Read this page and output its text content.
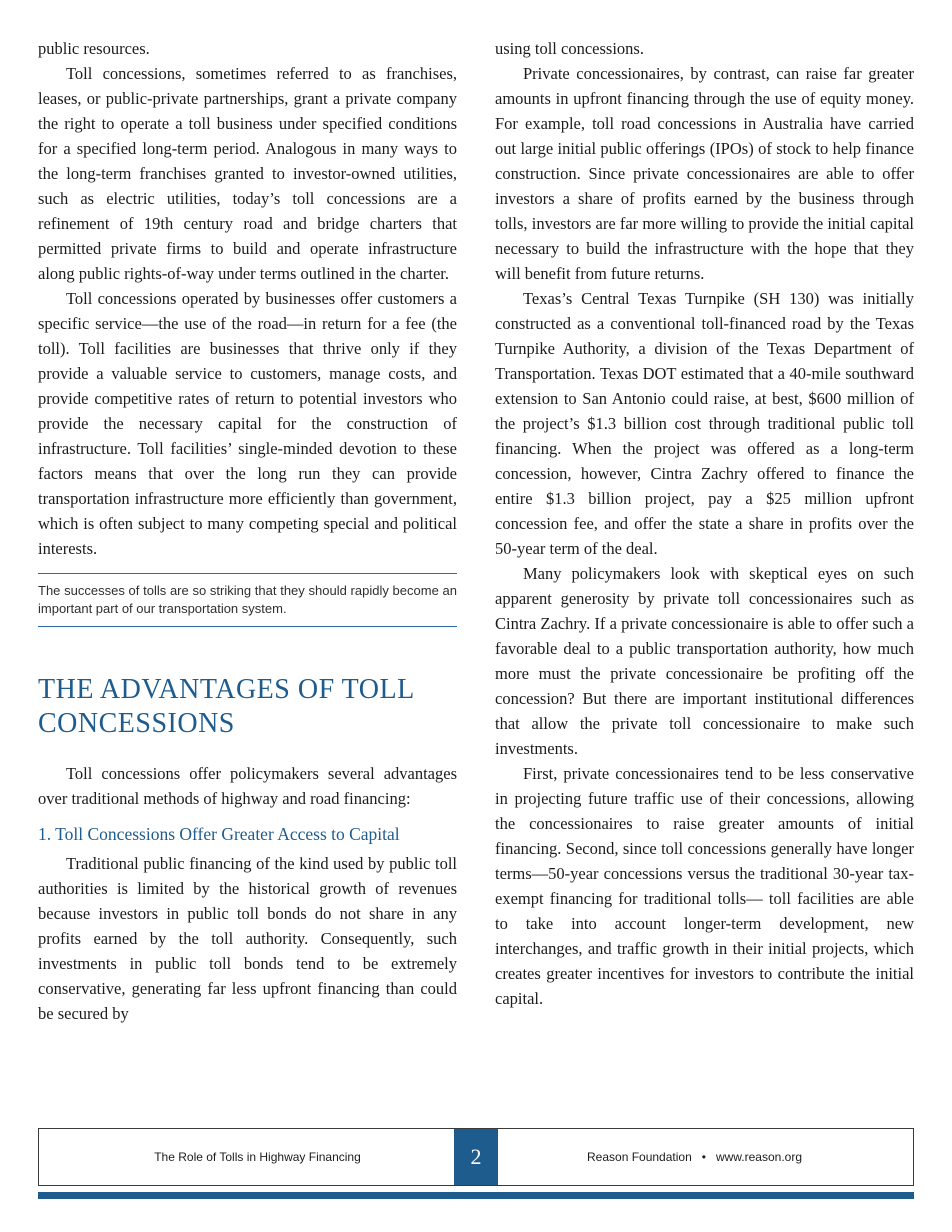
public resources.

Toll concessions, sometimes referred to as franchises, leases, or public-private partnerships, grant a private company the right to operate a toll business under specified conditions for a specified long-term period. Analogous in many ways to the long-term franchises granted to investor-owned utilities, such as electric utilities, today’s toll concessions are a refinement of 19th century road and bridge charters that permitted private firms to build and operate infrastructure along public rights-of-way under terms outlined in the charter.

Toll concessions operated by businesses offer customers a specific service—the use of the road—in return for a fee (the toll). Toll facilities are businesses that thrive only if they provide a valuable service to customers, manage costs, and provide competitive rates of return to potential investors who provide the necessary capital for the construction of infrastructure. Toll facilities’ single-minded devotion to these factors means that over the long run they can provide transportation infrastructure more efficiently than government, which is often subject to many competing special and political interests.

The successes of tolls are so striking that they should rapidly become an important part of our transportation system.
THE ADVANTAGES OF TOLL CONCESSIONS

Toll concessions offer policymakers several advantages over traditional methods of highway and road financing:

1. Toll Concessions Offer Greater Access to Capital

Traditional public financing of the kind used by public toll authorities is limited by the historical growth of revenues because investors in public toll bonds do not share in any profits earned by the toll authority. Consequently, such investments in public toll bonds tend to be extremely conservative, generating far less upfront financing than could be secured by

using toll concessions.

Private concessionaires, by contrast, can raise far greater amounts in upfront financing through the use of equity money. For example, toll road concessions in Australia have carried out large initial public offerings (IPOs) of stock to help finance construction. Since private concessionaires are able to offer investors a share of profits earned by the business through tolls, investors are far more willing to provide the initial capital necessary to build the infrastructure with the hope that they will benefit from future returns.

Texas’s Central Texas Turnpike (SH 130) was initially constructed as a conventional toll-financed road by the Texas Turnpike Authority, a division of the Texas Department of Transportation. Texas DOT estimated that a 40-mile southward extension to San Antonio could raise, at best, $600 million of the project’s $1.3 billion cost through traditional public toll financing. When the project was offered as a long-term concession, however, Cintra Zachry offered to finance the entire $1.3 billion project, pay a $25 million upfront concession fee, and offer the state a share in profits over the 50-year term of the deal.

Many policymakers look with skeptical eyes on such apparent generosity by private toll concessionaires such as Cintra Zachry. If a private concessionaire is able to offer such a favorable deal to a public transportation authority, how much more must the private concessionaire be profiting off the concession? But there are important institutional differences that allow the private toll concessionaire to make such investments.

First, private concessionaires tend to be less conservative in projecting future traffic use of their concessions, allowing the concessionaires to raise greater amounts of initial financing. Second, since toll concessions generally have longer terms—50-year concessions versus the traditional 30-year tax-exempt financing for traditional tolls— toll facilities are able to take into account longer-term development, new interchanges, and traffic growth in their initial projects, which creates greater incentives for investors to contribute the initial capital.

The Role of Tolls in Highway Financing	Reason Foundation • www.reason.org
2
